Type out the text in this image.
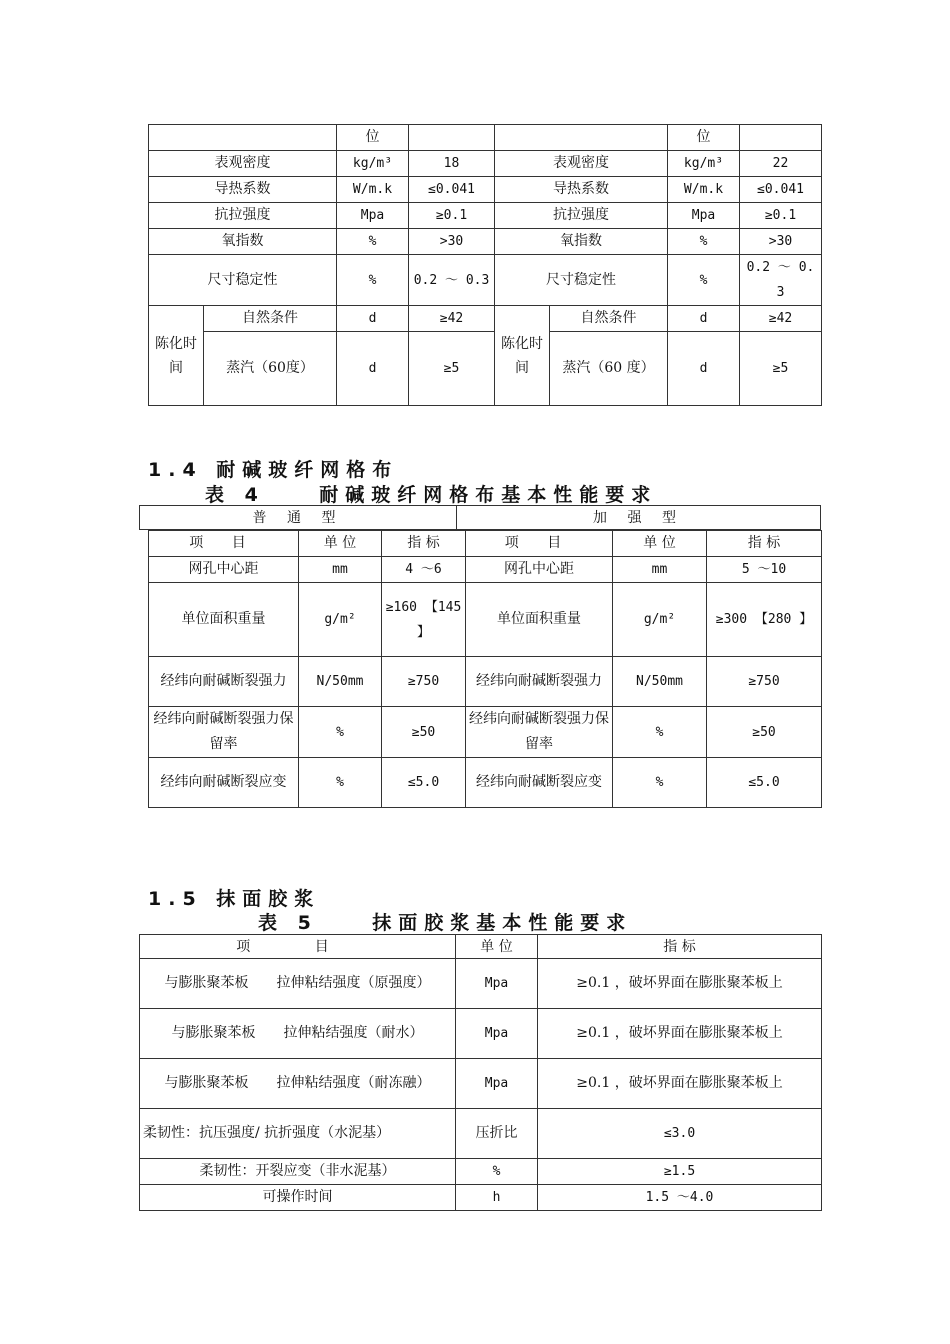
		位				位	
表观密度		kg/m³	18	表观密度		kg/m³	22
导热系数		W/m.k	≤0.041	导热系数		W/m.k	≤0.041
抗拉强度		Mpa	≥0.1	抗拉强度		Mpa	≥0.1
氧指数		%	>30	氧指数		%	>30
尺寸稳定性		%	0.2 ～ 0.3	尺寸稳定性		%	0.2 ～ 0.3
陈化时间	自然条件	d	≥42	陈化时间	自然条件	d	≥42
	蒸汽（60度）	d	≥5		蒸汽（60 度）	d	≥5
1.4 耐碱玻纤网格布
表 4    耐碱玻纤网格布基本性能要求
普 通 型	加 强 型
项 目	单 位	指 标	项 目	单 位	指 标
网孔中心距	mm	4 ～6	网孔中心距	mm	5 ～10
单位面积重量	g/m²	≥160 【145 】	单位面积重量	g/m²	≥300 【280 】
经纬向耐碱断裂强力	N/50mm	≥750	经纬向耐碱断裂强力	N/50mm	≥750
经纬向耐碱断裂强力保留率	%	≥50	经纬向耐碱断裂强力保留率	%	≥50
经纬向耐碱断裂应变	%	≤5.0	经纬向耐碱断裂应变	%	≤5.0
1.5 抹面胶浆
表 5    抹面胶浆基本性能要求
项 目	单 位	指 标
与膨胀聚苯板　　拉伸粘结强度（原强度）	Mpa	≥0.1 ，破坏界面在膨胀聚苯板上
与膨胀聚苯板　　拉伸粘结强度（耐水）	Mpa	≥0.1 ，破坏界面在膨胀聚苯板上
与膨胀聚苯板　　拉伸粘结强度（耐冻融）	Mpa	≥0.1 ，破坏界面在膨胀聚苯板上
柔韧性：抗压强度/ 抗折强度（水泥基）	压折比	≤3.0
柔韧性：开裂应变（非水泥基）	%	≥1.5
可操作时间	h	1.5 ～4.0
